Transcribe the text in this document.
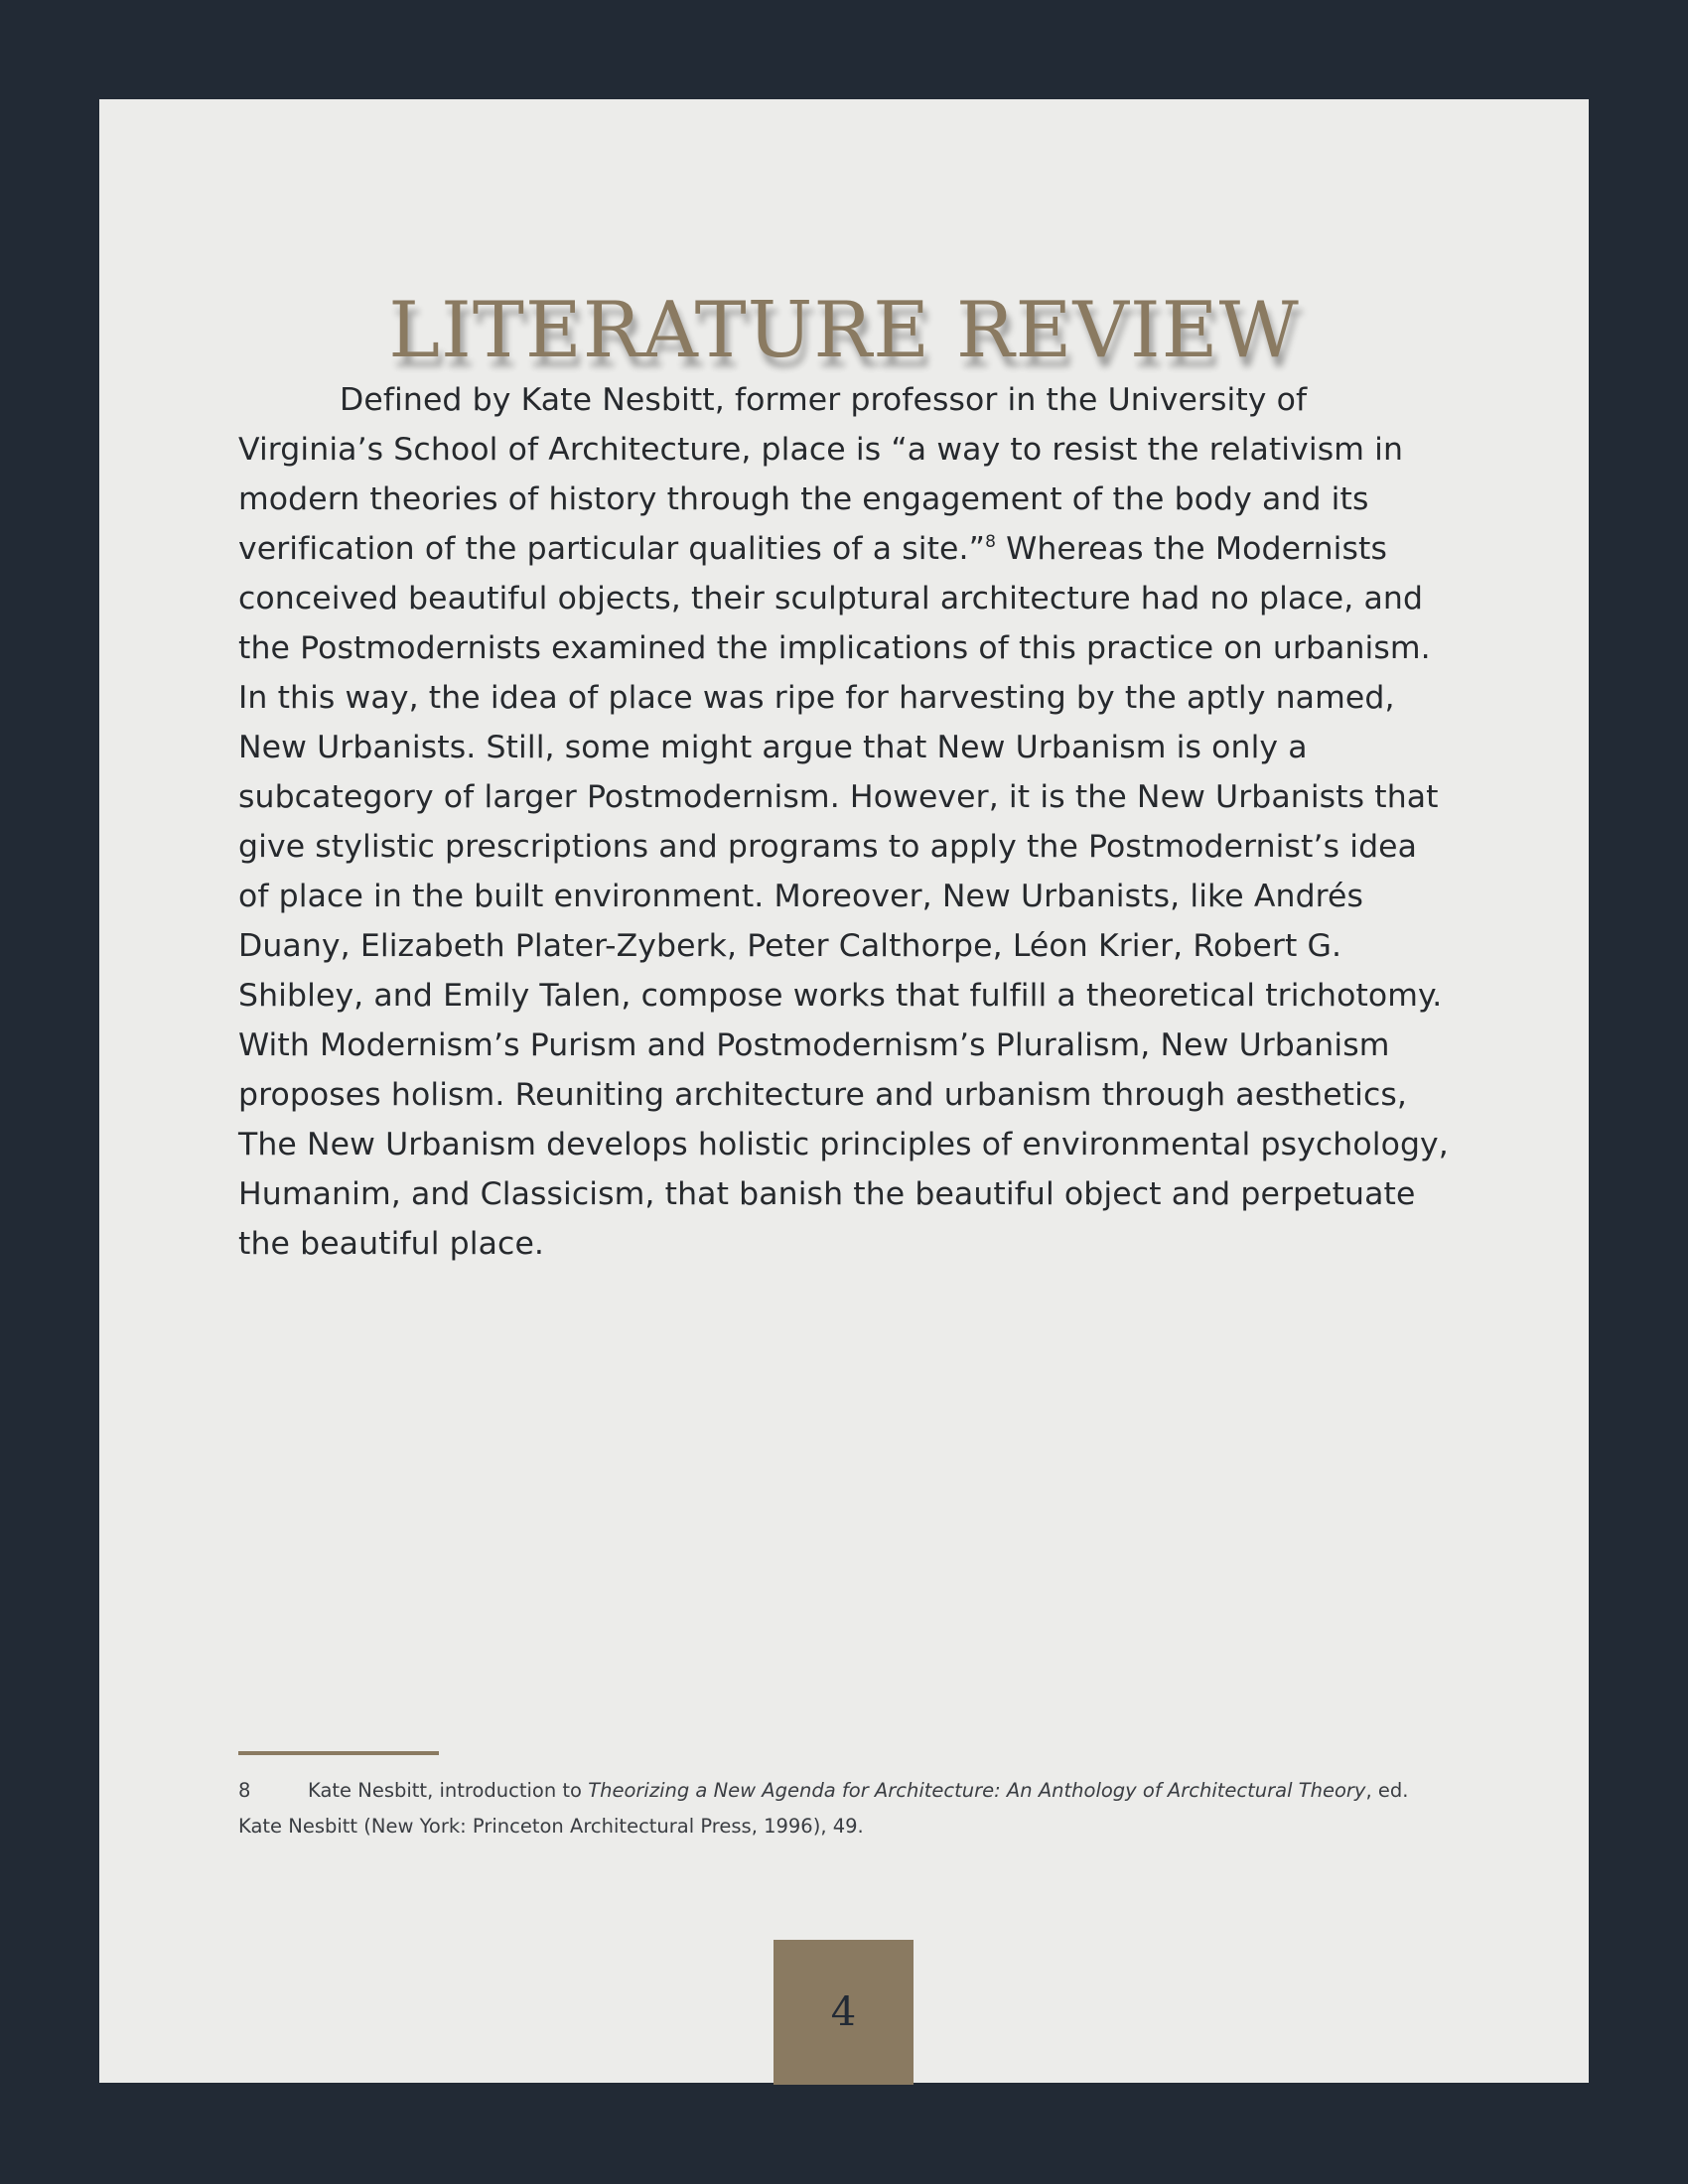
LITERATURE REVIEW

Defined by Kate Nesbitt, former professor in the University of Virginia’s School of Architecture, place is “a way to resist the relativism in modern theories of history through the engagement of the body and its verification of the particular qualities of a site.”$^8$ Whereas the Modernists conceived beautiful objects, their sculptural architecture had no place, and the Postmodernists examined the implications of this practice on urbanism. In this way, the idea of place was ripe for harvesting by the aptly named, New Urbanists. Still, some might argue that New Urbanism is only a subcategory of larger Postmodernism. However, it is the New Urbanists that give stylistic prescriptions and programs to apply the Postmodernist’s idea of place in the built environment. Moreover, New Urbanists, like Andrés Duany, Elizabeth Plater-Zyberk, Peter Calthorpe, Léon Krier, Robert G. Shibley, and Emily Talen, compose works that fulfill a theoretical trichotomy. With Modernism’s Purism and Postmodernism’s Pluralism, New Urbanism proposes holism. Reuniting architecture and urbanism through aesthetics, The New Urbanism develops holistic principles of environmental psychology, Humanim, and Classicism, that banish the beautiful object and perpetuate the beautiful place.

8	Kate Nesbitt, introduction to Theorizing a New Agenda for Architecture: An Anthology of Architectural Theory, ed. Kate Nesbitt (New York: Princeton Architectural Press, 1996), 49.

4
